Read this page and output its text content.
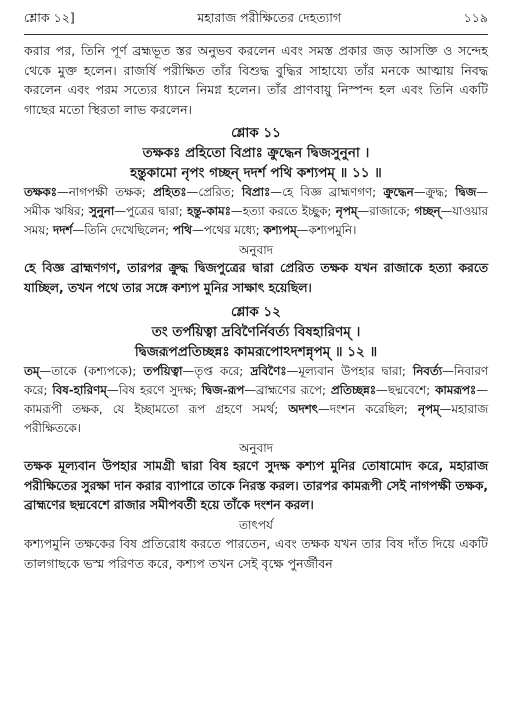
শ্লোক ১২]	মহারাজ পরীক্ষিতের দেহত্যাগ	১১৯

করার পর, তিনি পূর্ণ ব্রহ্মভূত স্তর অনুভব করলেন এবং সমস্ত প্রকার জড় আসক্তি ও সন্দেহ থেকে মুক্ত হলেন। রাজর্ষি পরীক্ষিত তাঁর বিশুদ্ধ বুদ্ধির সাহায্যে তাঁর মনকে আত্মায় নিবদ্ধ করলেন এবং পরম সত্যের ধ্যানে নিমগ্ন হলেন। তাঁর প্রাণবায়ু নিস্পন্দ হল এবং তিনি একটি গাছের মতো স্থিরতা লাভ করলেন।

শ্লোক ১১
তক্ষকঃ প্রহিতো বিপ্রাঃ ক্রুদ্ধেন দ্বিজসুনুনা ।
হন্তুকামো নৃপং গচ্ছন্ দদর্শ পথি কশ্যপম্ ॥ ১১ ॥

তক্ষকঃ—নাগপক্ষী তক্ষক; প্রহিতঃ—প্রেরিত; বিপ্রাঃ—হে বিজ্ঞ ব্রাহ্মণগণ; ক্রুদ্ধেন—ক্রুদ্ধ; দ্বিজ—সমীক ঋষির; সুনুনা—পুত্রের দ্বারা; হন্তু-কামঃ—হত্যা করতে ইচ্ছুক; নৃপম্—রাজাকে; গচ্ছন্—যাওয়ার সময়; দদর্শ—তিনি দেখেছিলেন; পথি—পথের মধ্যে; কশ্যপম্—কশ্যপমুনি।

অনুবাদ

হে বিজ্ঞ ব্রাহ্মণগণ, তারপর ক্রুদ্ধ দ্বিজপুত্রের দ্বারা প্রেরিত তক্ষক যখন রাজাকে হত্যা করতে যাচ্ছিল, তখন পথে তার সঙ্গে কশ্যপ মুনির সাক্ষাৎ হয়েছিল।

শ্লোক ১২
তং তর্পয়িত্বা দ্রবিণৈর্নিবর্ত্য বিষহারিণম্ ।
দ্বিজরূপপ্রতিচ্ছন্নঃ কামরূপোঽদশন্নৃপম্ ॥ ১২ ॥

তম্—তাকে (কশ্যপকে); তর্পয়িত্বা—তৃপ্ত করে; দ্রবিণৈঃ—মূল্যবান উপহার দ্বারা; নিবর্ত্য—নিবারণ করে; বিষ-হারিণম্—বিষ হরণে সুদক্ষ; দ্বিজ-রূপ—ব্রাহ্মণের রূপে; প্রতিচ্ছন্নঃ—ছদ্মবেশে; কামরূপঃ—কামরূপী তক্ষক, যে ইচ্ছামতো রূপ গ্রহণে সমর্থ; অদশৎ—দংশন করেছিল; নৃপম্—মহারাজ পরীক্ষিতকে।

অনুবাদ

তক্ষক মূল্যবান উপহার সামগ্রী দ্বারা বিষ হরণে সুদক্ষ কশ্যপ মুনির তোষামোদ করে, মহারাজ পরীক্ষিতের সুরক্ষা দান করার ব্যাপারে তাকে নিরস্ত করল। তারপর কামরূপী সেই নাগপক্ষী তক্ষক, ব্রাহ্মণের ছদ্মবেশে রাজার সমীপবর্তী হয়ে তাঁকে দংশন করল।

তাৎপর্য

কশ্যপমুনি তক্ষকের বিষ প্রতিরোধ করতে পারতেন, এবং তক্ষক যখন তার বিষ দাঁত দিয়ে একটি তালগাছকে ভস্ম পরিণত করে, কশ্যপ তখন সেই বৃক্ষে পুনর্জীবন
